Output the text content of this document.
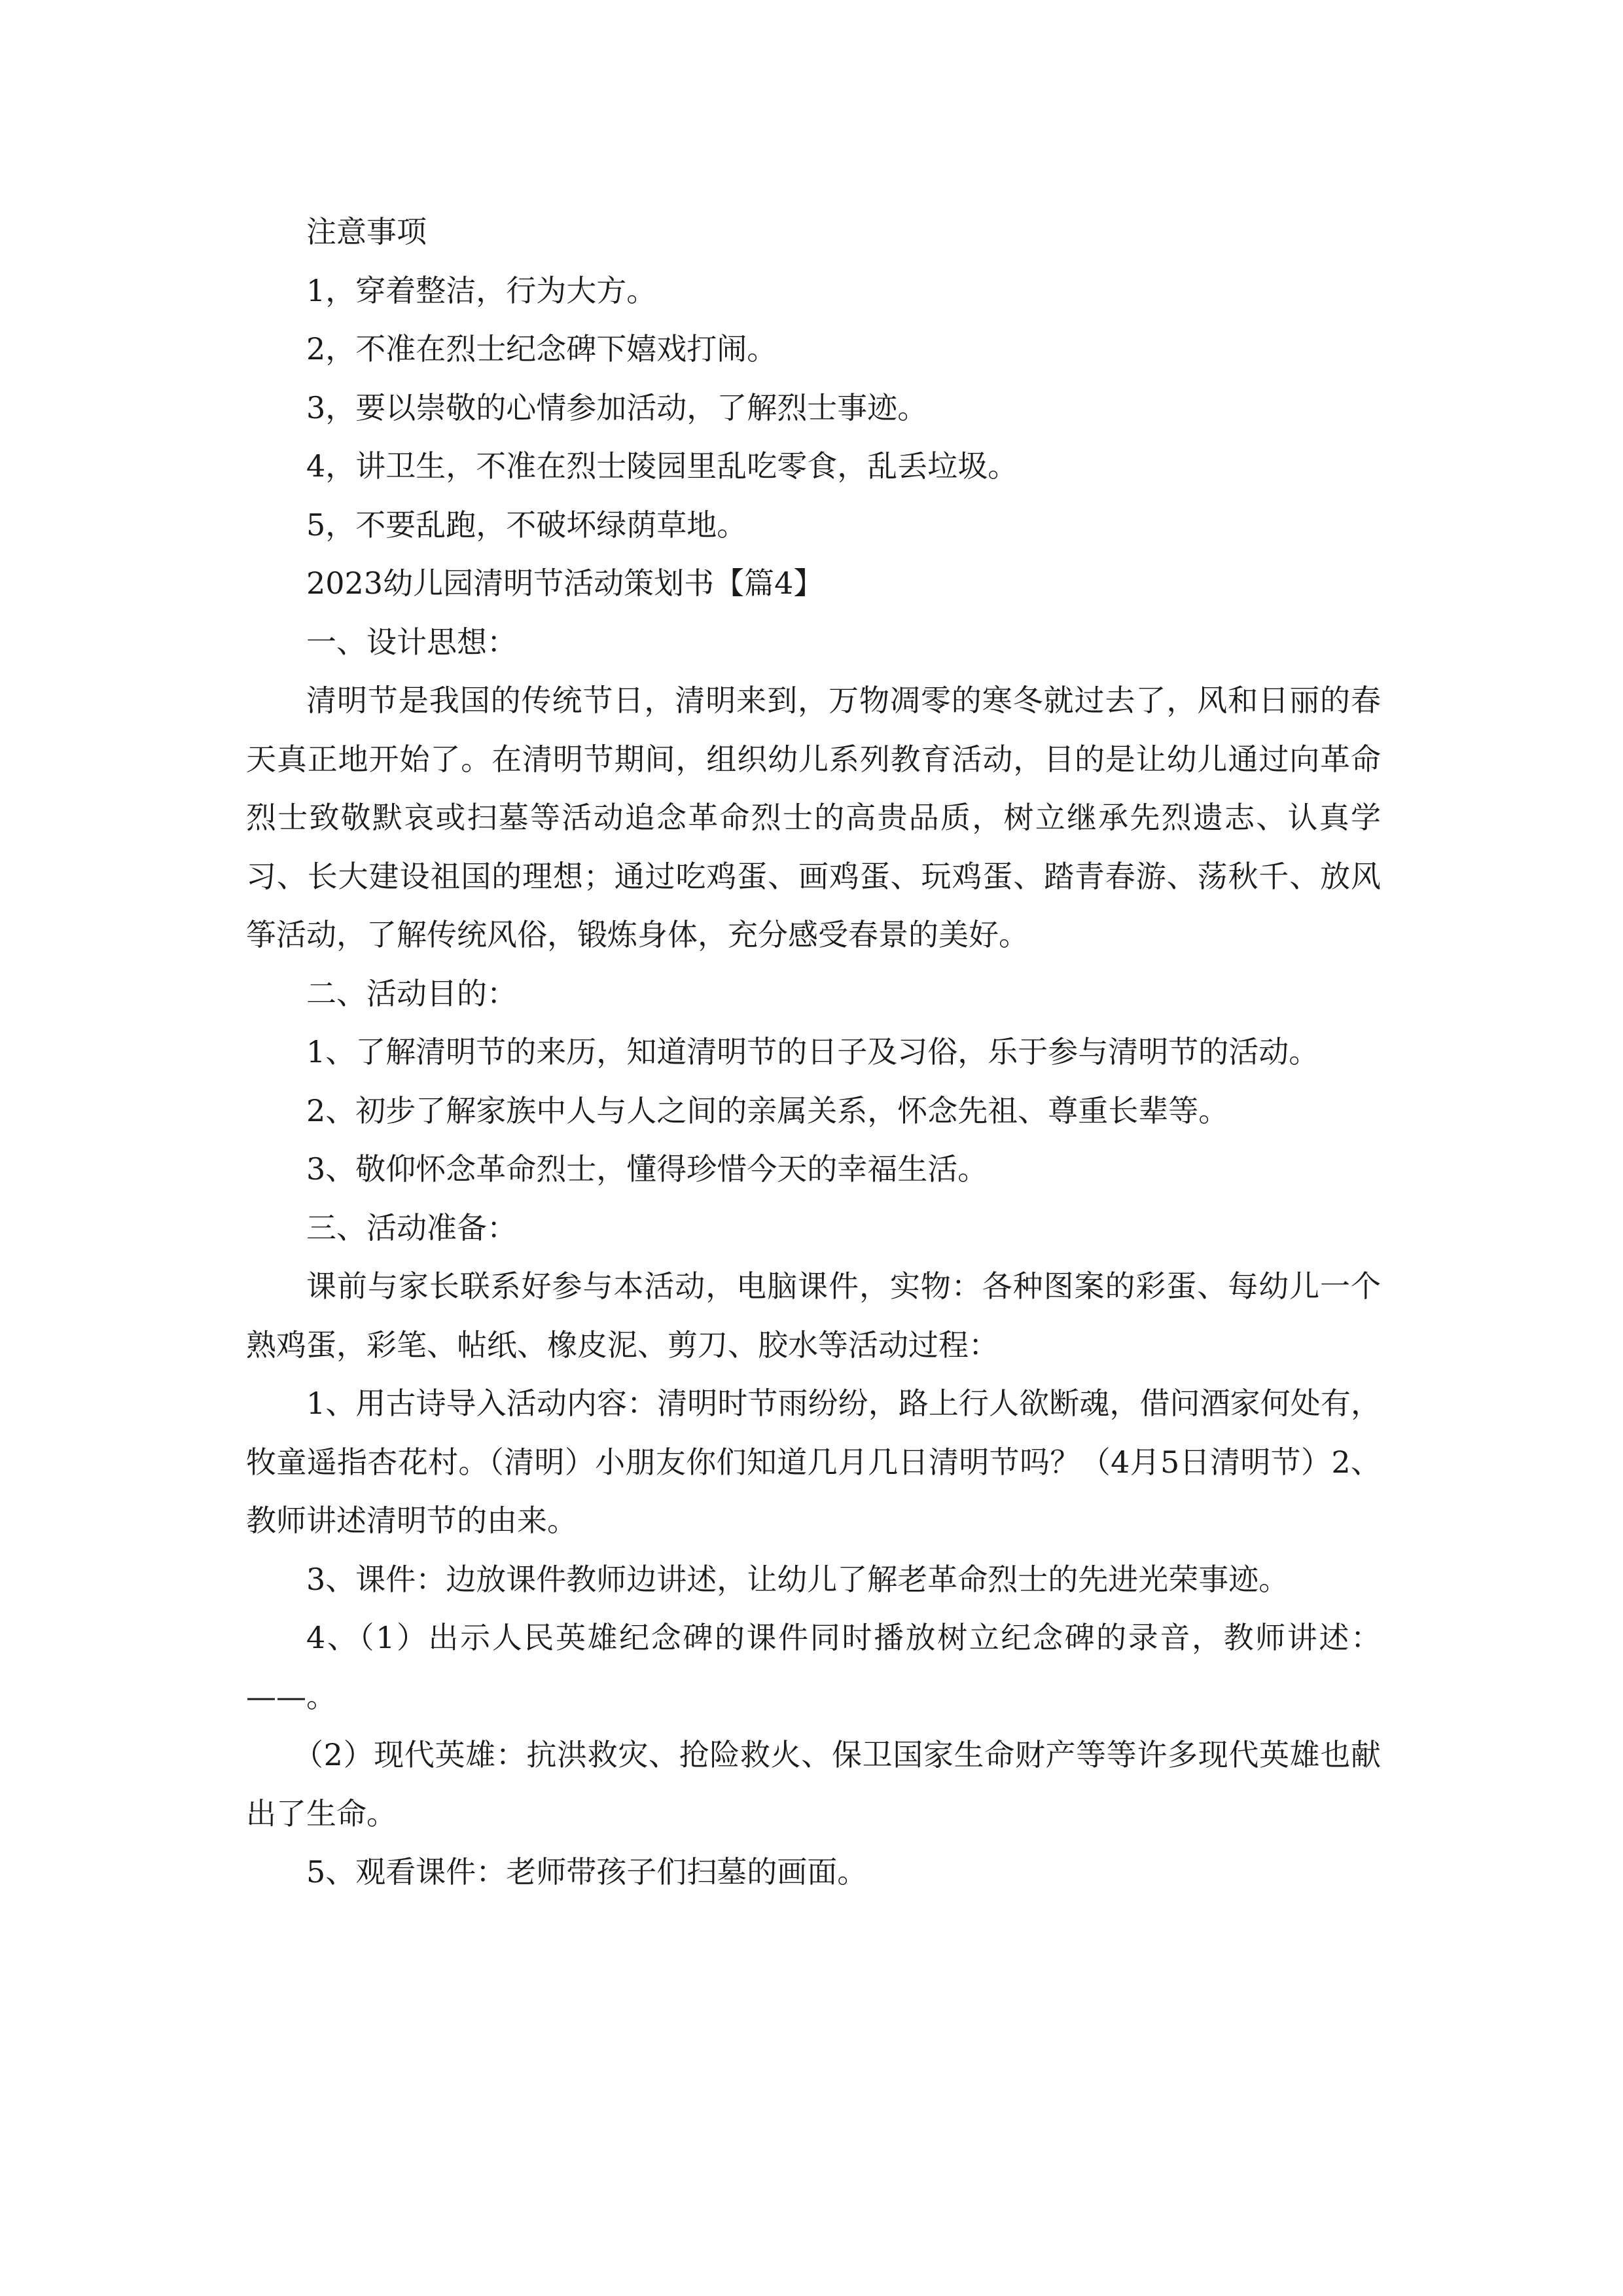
注意事项

1，穿着整洁，行为大方。

2，不准在烈士纪念碑下嬉戏打闹。

3，要以崇敬的心情参加活动，了解烈士事迹。

4，讲卫生，不准在烈士陵园里乱吃零食，乱丢垃圾。

5，不要乱跑，不破坏绿荫草地。

2023幼儿园清明节活动策划书【篇4】

一、设计思想：

清明节是我国的传统节日，清明来到，万物凋零的寒冬就过去了，风和日丽的春天真正地开始了。在清明节期间，组织幼儿系列教育活动，目的是让幼儿通过向革命烈士致敬默哀或扫墓等活动追念革命烈士的高贵品质，树立继承先烈遗志、认真学习、长大建设祖国的理想；通过吃鸡蛋、画鸡蛋、玩鸡蛋、踏青春游、荡秋千、放风筝活动，了解传统风俗，锻炼身体，充分感受春景的美好。

二、活动目的：

1、了解清明节的来历，知道清明节的日子及习俗，乐于参与清明节的活动。

2、初步了解家族中人与人之间的亲属关系，怀念先祖、尊重长辈等。

3、敬仰怀念革命烈士，懂得珍惜今天的幸福生活。

三、活动准备：

课前与家长联系好参与本活动，电脑课件，实物：各种图案的彩蛋、每幼儿一个熟鸡蛋，彩笔、帖纸、橡皮泥、剪刀、胶水等活动过程：

1、用古诗导入活动内容：清明时节雨纷纷，路上行人欲断魂，借问酒家何处有，牧童遥指杏花村。（清明）小朋友你们知道几月几日清明节吗？（4月5日清明节）2、教师讲述清明节的由来。

3、课件：边放课件教师边讲述，让幼儿了解老革命烈士的先进光荣事迹。

4、（1）出示人民英雄纪念碑的课件同时播放树立纪念碑的录音，教师讲述：——。

（2）现代英雄：抗洪救灾、抢险救火、保卫国家生命财产等等许多现代英雄也献出了生命。

5、观看课件：老师带孩子们扫墓的画面。
